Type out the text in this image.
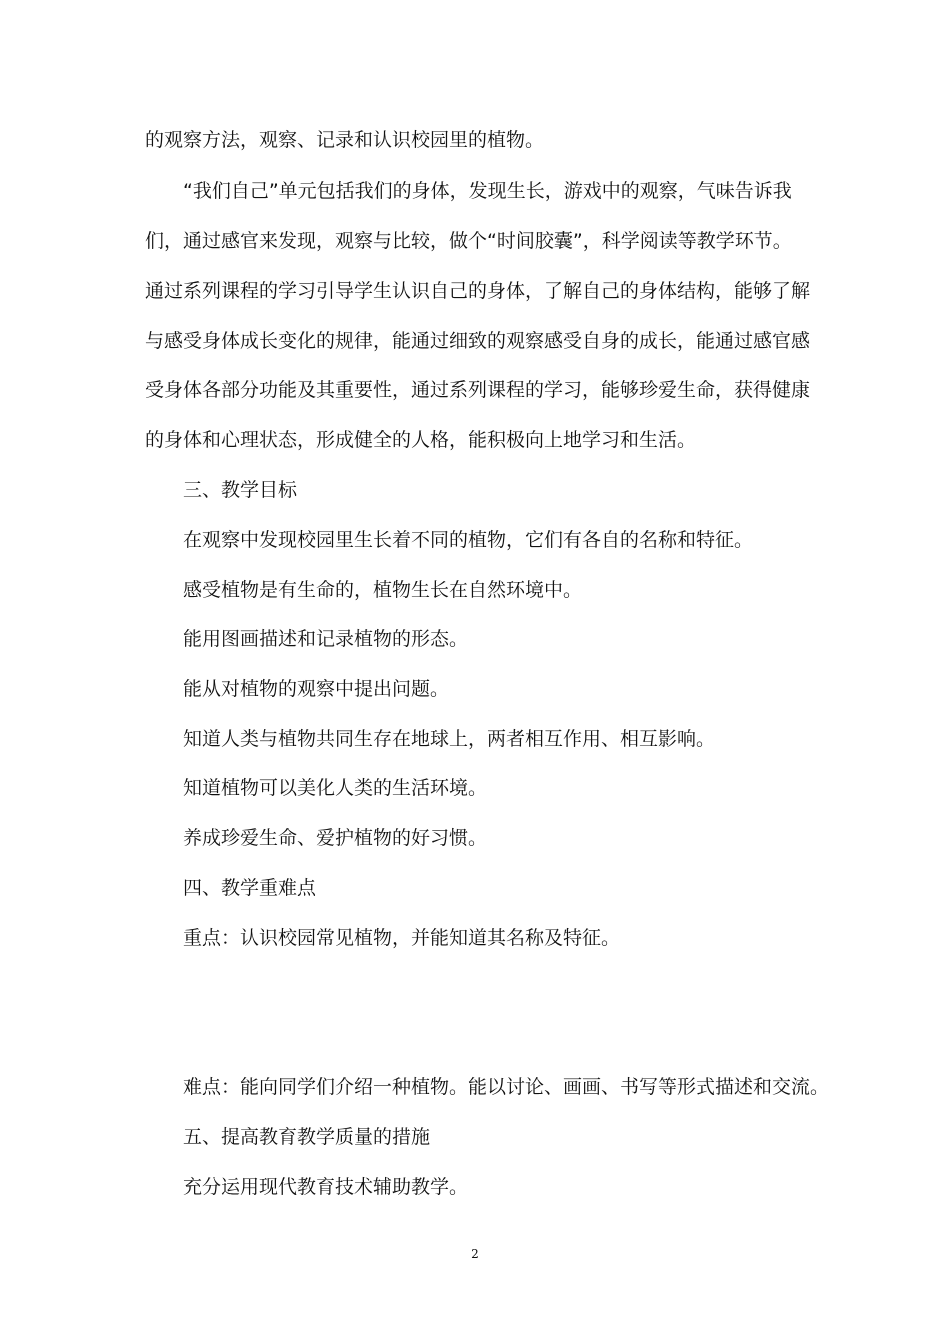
的观察方法，观察、记录和认识校园里的植物。
“我们自己”单元包括我们的身体，发现生长，游戏中的观察，气味告诉我
们，通过感官来发现，观察与比较，做个“时间胶囊”，科学阅读等教学环节。
通过系列课程的学习引导学生认识自己的身体，了解自己的身体结构，能够了解
与感受身体成长变化的规律，能通过细致的观察感受自身的成长，能通过感官感
受身体各部分功能及其重要性，通过系列课程的学习，能够珍爱生命，获得健康
的身体和心理状态，形成健全的人格，能积极向上地学习和生活。
三、教学目标
在观察中发现校园里生长着不同的植物，它们有各自的名称和特征。
感受植物是有生命的，植物生长在自然环境中。
能用图画描述和记录植物的形态。
能从对植物的观察中提出问题。
知道人类与植物共同生存在地球上，两者相互作用、相互影响。
知道植物可以美化人类的生活环境。
养成珍爱生命、爱护植物的好习惯。
四、教学重难点
重点：认识校园常见植物，并能知道其名称及特征。
难点：能向同学们介绍一种植物。能以讨论、画画、书写等形式描述和交流。
五、提高教育教学质量的措施
充分运用现代教育技术辅助教学。
2
